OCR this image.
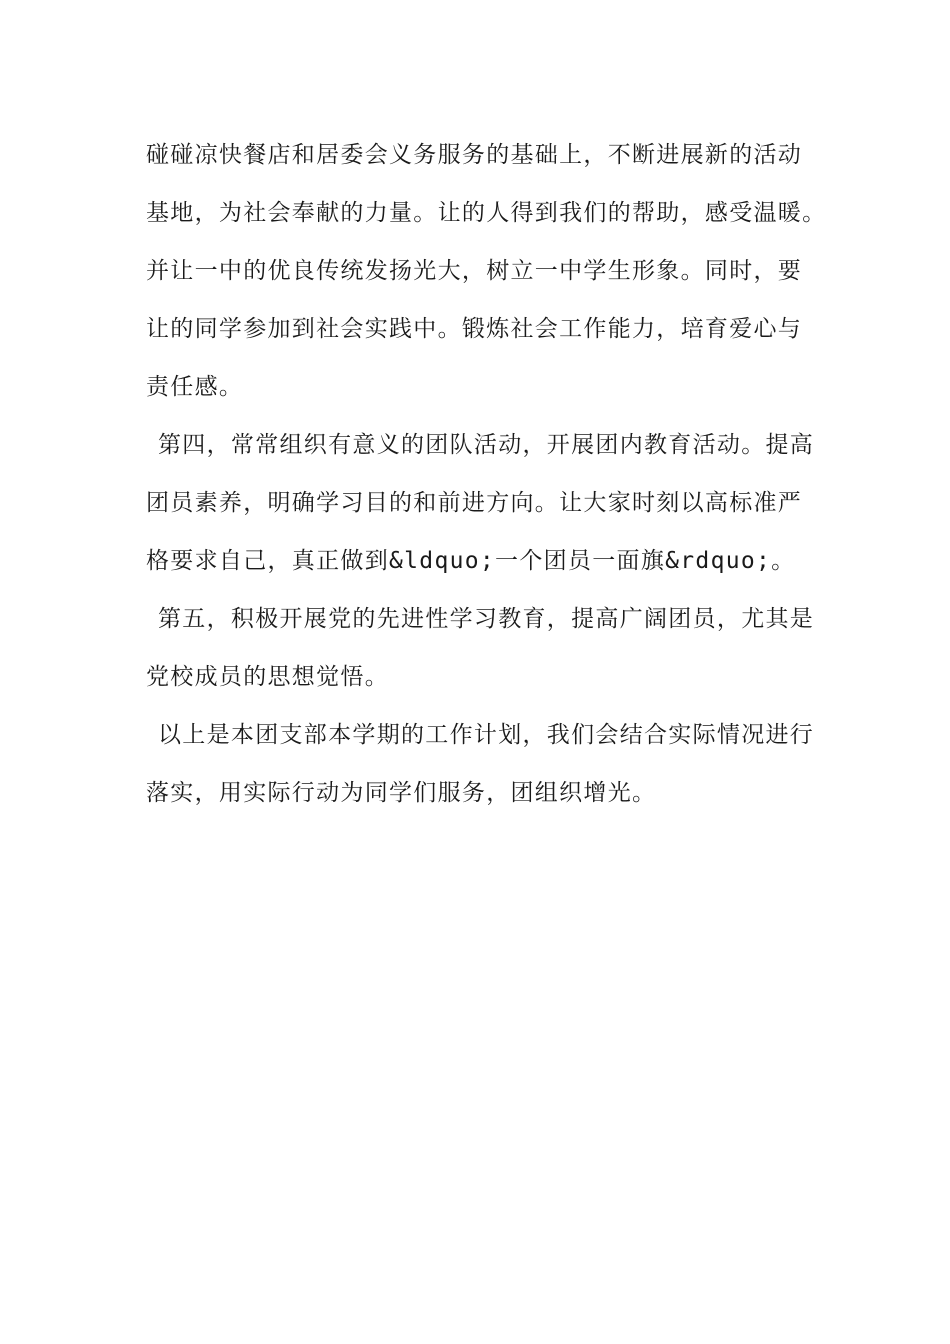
碰碰凉快餐店和居委会义务服务的基础上，不断进展新的活动
基地，为社会奉献的力量。让的人得到我们的帮助，感受温暖。
并让一中的优良传统发扬光大，树立一中学生形象。同时，要
让的同学参加到社会实践中。锻炼社会工作能力，培育爱心与
责任感。
第四，常常组织有意义的团队活动，开展团内教育活动。提高
团员素养，明确学习目的和前进方向。让大家时刻以高标准严
格要求自己，真正做到&ldquo;一个团员一面旗&rdquo;。
第五，积极开展党的先进性学习教育，提高广阔团员，尤其是
党校成员的思想觉悟。
以上是本团支部本学期的工作计划，我们会结合实际情况进行
落实，用实际行动为同学们服务，团组织增光。
